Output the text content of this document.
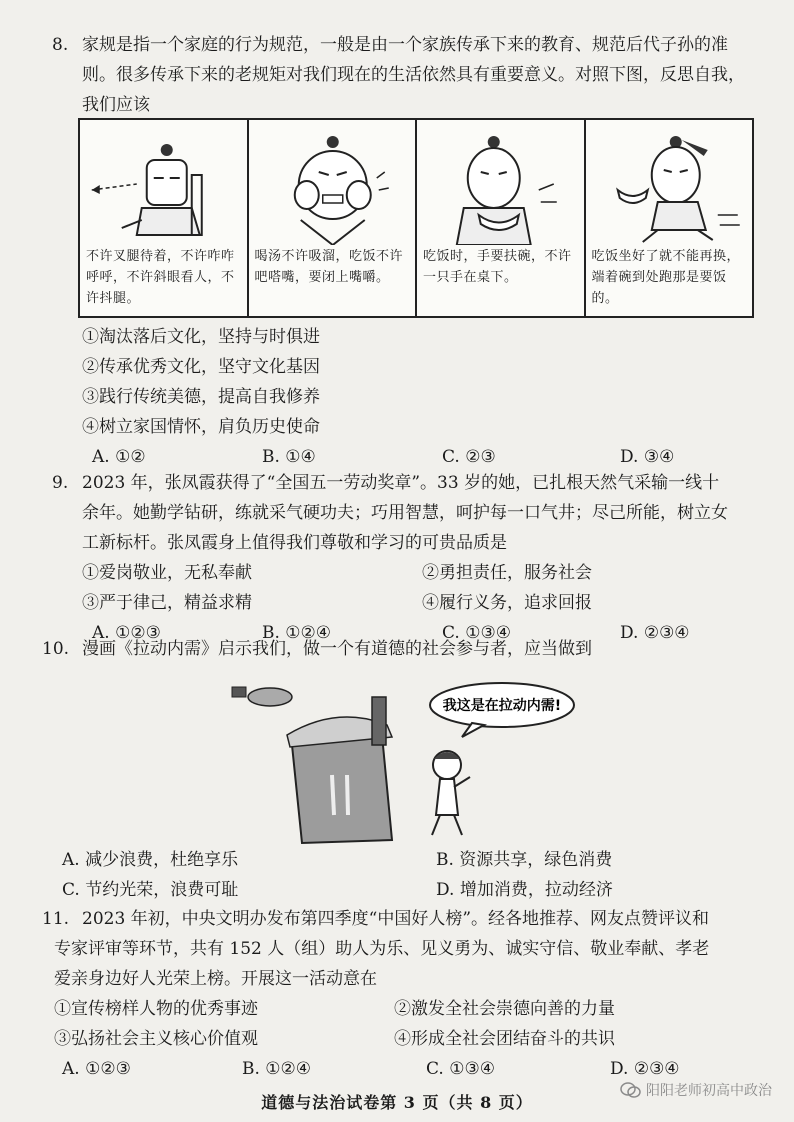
8. 家规是指一个家庭的行为规范，一般是由一个家族传承下来的教育、规范后代子孙的准

则。很多传承下来的老规矩对我们现在的生活依然具有重要意义。对照下图，反思自我，

我们应该

不许叉腿待着，不许咋咋呼呼，不许斜眼看人，不许抖腿。
喝汤不许吸溜，吃饭不许吧嗒嘴，要闭上嘴嚼。
吃饭时，手要扶碗，不许一只手在桌下。
吃饭坐好了就不能再换，端着碗到处跑那是要饭的。

①淘汰落后文化，坚持与时俱进

②传承优秀文化，坚守文化基因

③践行传统美德，提高自我修养

④树立家国情怀，肩负历史使命

A. ①②	B. ①④	C. ②③	D. ③④

9. 2023 年，张凤霞获得了“全国五一劳动奖章”。33 岁的她，已扎根天然气采输一线十

余年。她勤学钻研，练就采气硬功夫；巧用智慧，呵护每一口气井；尽己所能，树立女

工新标杆。张凤霞身上值得我们尊敬和学习的可贵品质是

①爱岗敬业，无私奉献	②勇担责任，服务社会
③严于律己，精益求精	④履行义务，追求回报
A. ①②③	B. ①②④	C. ①③④	D. ②③④

10. 漫画《拉动内需》启示我们，做一个有道德的社会参与者，应当做到

我这是在拉动内需!
A. 减少浪费，杜绝享乐	B. 资源共享，绿色消费
C. 节约光荣，浪费可耻	D. 增加消费，拉动经济

11. 2023 年初，中央文明办发布第四季度“中国好人榜”。经各地推荐、网友点赞评议和

专家评审等环节，共有 152 人（组）助人为乐、见义勇为、诚实守信、敬业奉献、孝老

爱亲身边好人光荣上榜。开展这一活动意在

①宣传榜样人物的优秀事迹	②激发全社会崇德向善的力量
③弘扬社会主义核心价值观	④形成全社会团结奋斗的共识
A. ①②③	B. ①②④	C. ①③④	D. ②③④
道德与法治试卷第 3 页（共 8 页）
阳阳老师初高中政治
